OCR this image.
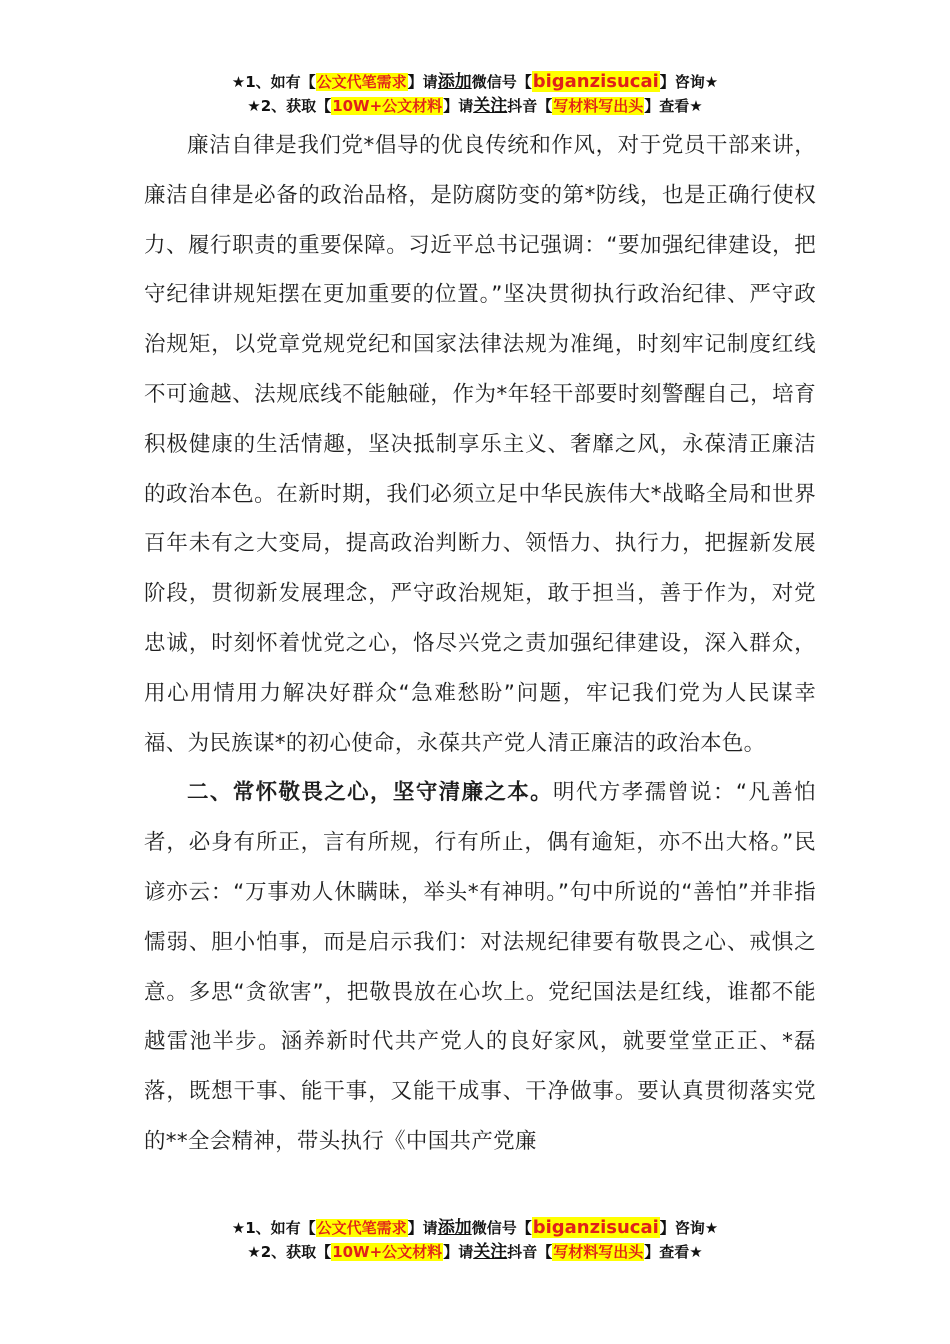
★1、如有【公文代笔需求】请添加微信号【biganzisucai】咨询★
★2、获取【10W+公文材料】请关注抖音【写材料写出头】查看★

廉洁自律是我们党*倡导的优良传统和作风，对于党员干部来讲，廉洁自律是必备的政治品格，是防腐防变的第*防线，也是正确行使权力、履行职责的重要保障。习近平总书记强调：“要加强纪律建设，把守纪律讲规矩摆在更加重要的位置。”坚决贯彻执行政治纪律、严守政治规矩，以党章党规党纪和国家法律法规为准绳，时刻牢记制度红线不可逾越、法规底线不能触碰，作为*年轻干部要时刻警醒自己，培育积极健康的生活情趣，坚决抵制享乐主义、奢靡之风，永葆清正廉洁的政治本色。在新时期，我们必须立足中华民族伟大*战略全局和世界百年未有之大变局，提高政治判断力、领悟力、执行力，把握新发展阶段，贯彻新发展理念，严守政治规矩，敢于担当，善于作为，对党忠诚，时刻怀着忧党之心，恪尽兴党之责加强纪律建设，深入群众，用心用情用力解决好群众“急难愁盼”问题，牢记我们党为人民谋幸福、为民族谋*的初心使命，永葆共产党人清正廉洁的政治本色。

二、常怀敬畏之心，坚守清廉之本。明代方孝孺曾说：“凡善怕者，必身有所正，言有所规，行有所止，偶有逾矩，亦不出大格。”民谚亦云：“万事劝人休瞒昧，举头*有神明。”句中所说的“善怕”并非指懦弱、胆小怕事，而是启示我们：对法规纪律要有敬畏之心、戒惧之意。多思“贪欲害”，把敬畏放在心坎上。党纪国法是红线，谁都不能越雷池半步。涵养新时代共产党人的良好家风，就要堂堂正正、*磊落，既想干事、能干事，又能干成事、干净做事。要认真贯彻落实党的**全会精神，带头执行《中国共产党廉

★1、如有【公文代笔需求】请添加微信号【biganzisucai】咨询★
★2、获取【10W+公文材料】请关注抖音【写材料写出头】查看★
